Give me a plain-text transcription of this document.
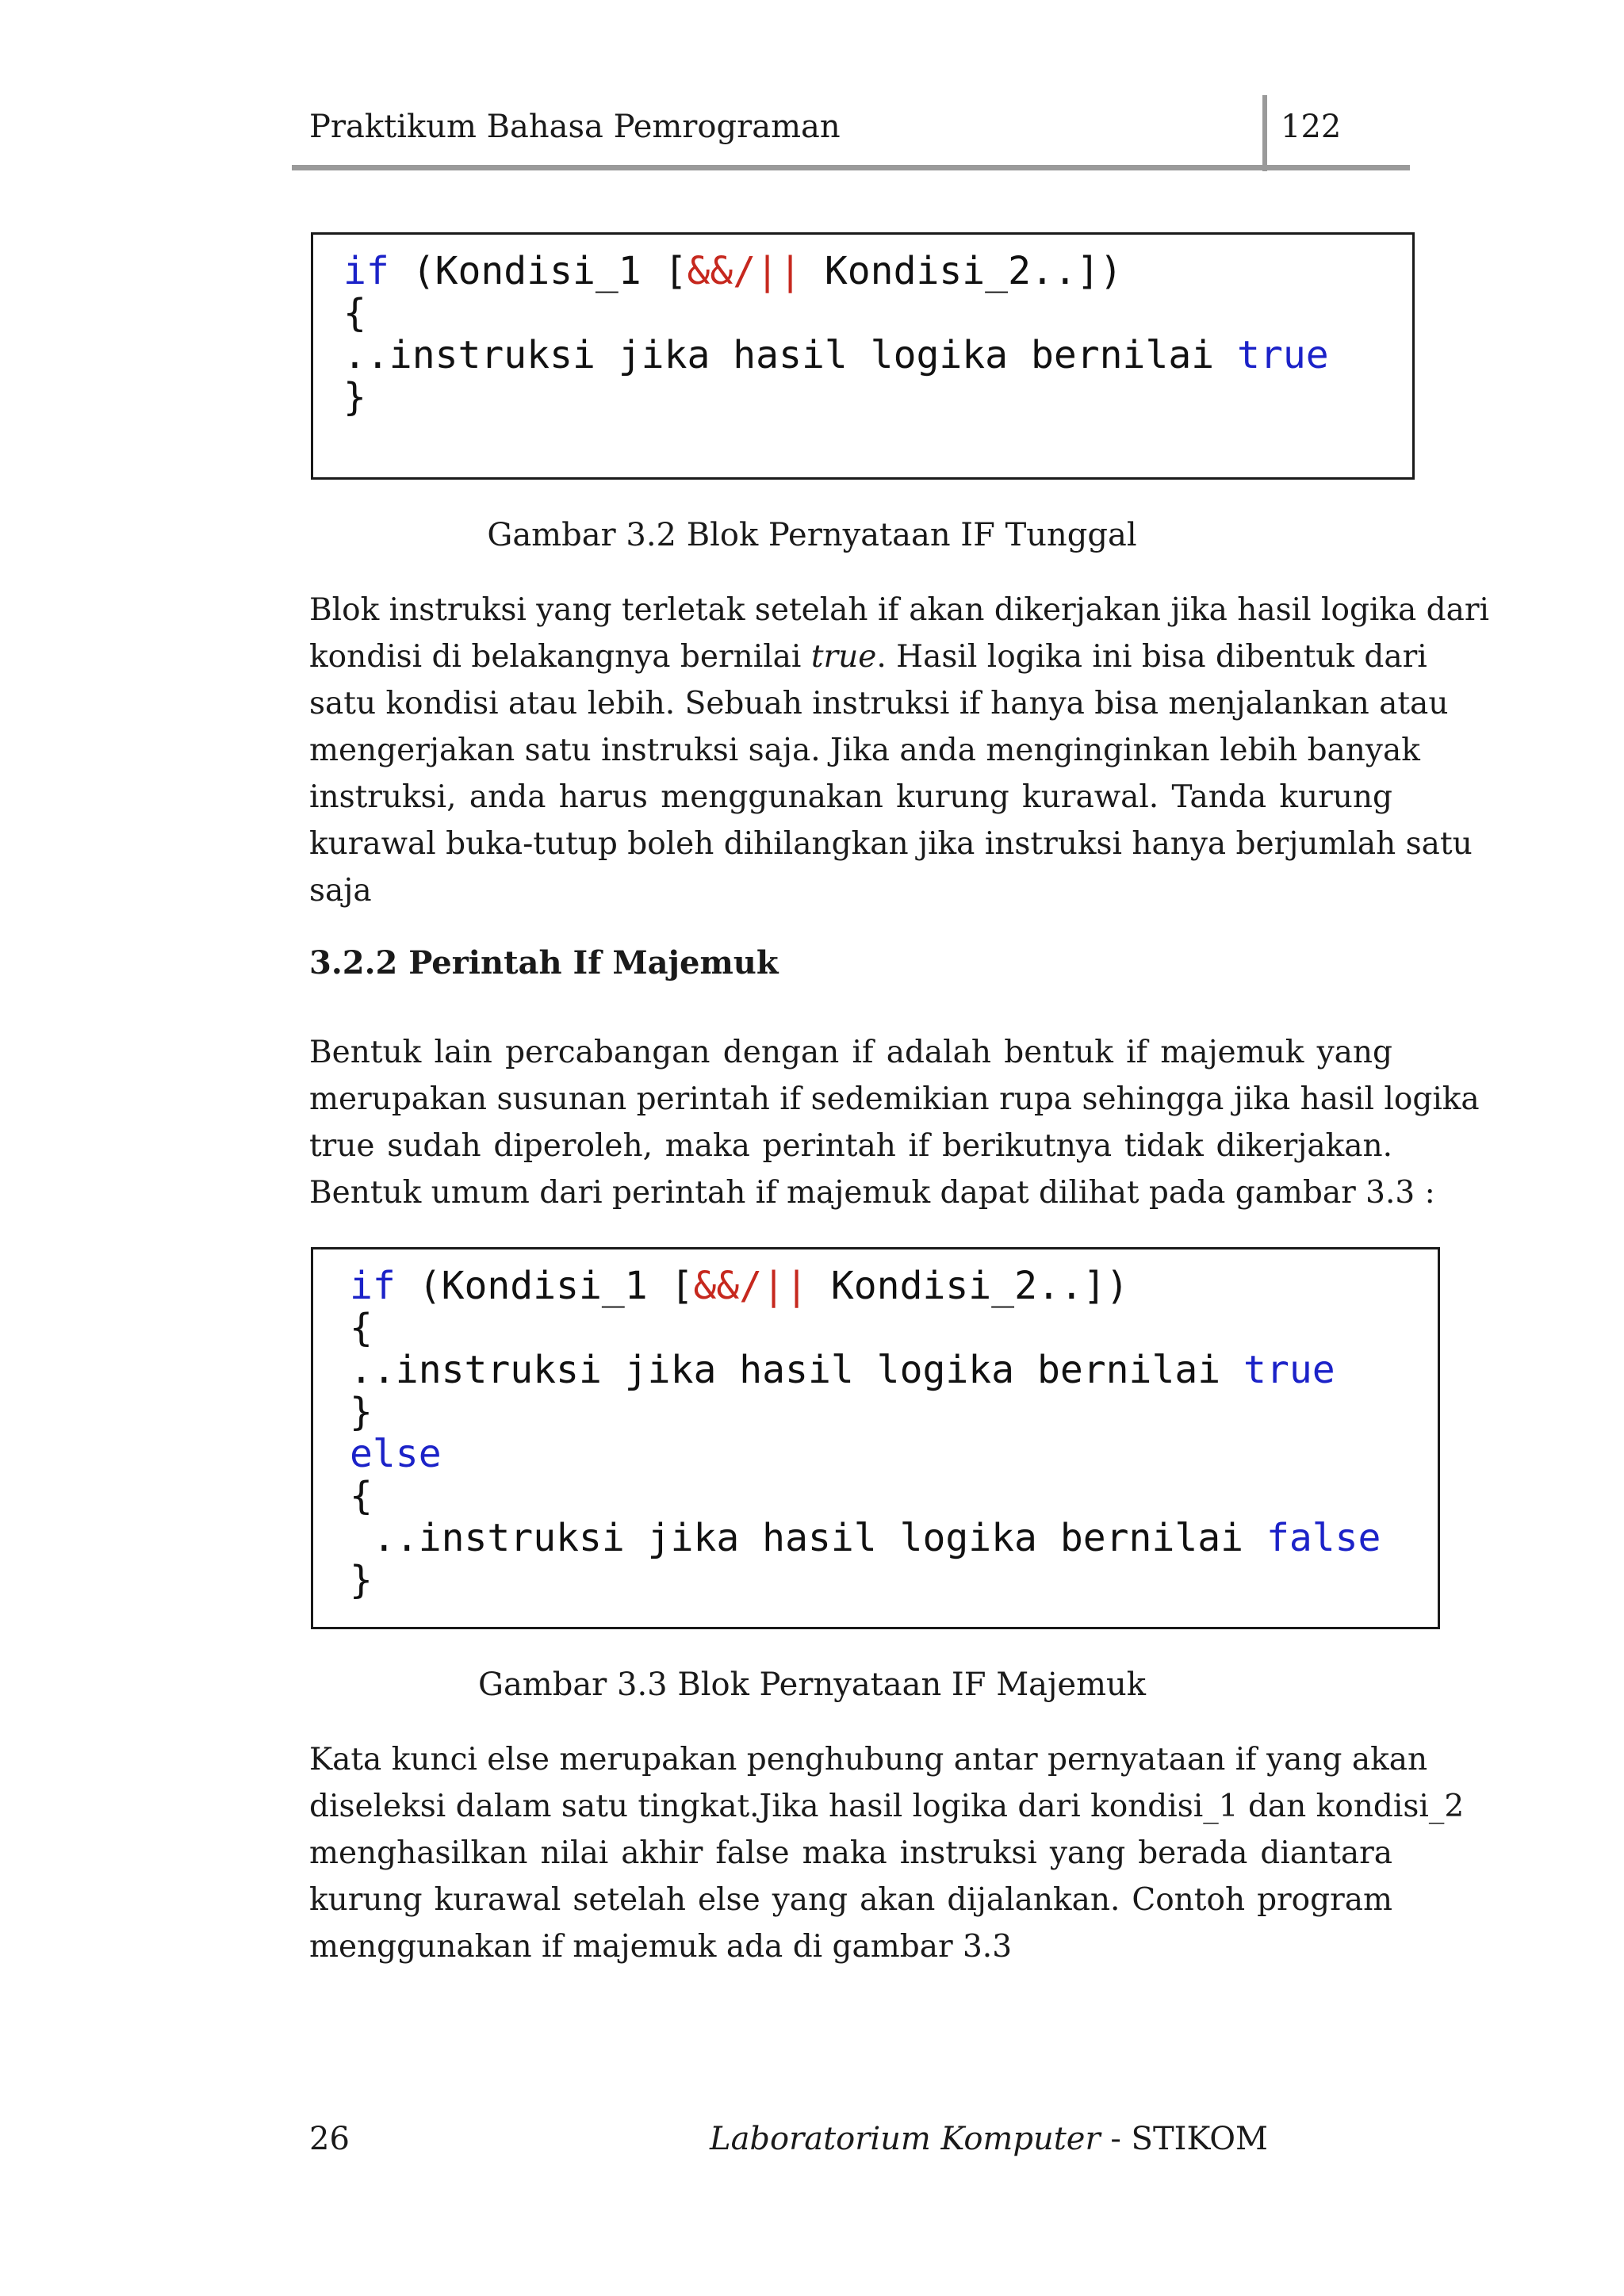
Praktikum Bahasa Pemrograman	122
if (Kondisi_1 [&&/|| Kondisi_2..])
{
..instruksi jika hasil logika bernilai true
}
Gambar 3.2 Blok Pernyataan IF Tunggal
Blok instruksi yang terletak setelah if akan dikerjakan jika hasil logika dari
kondisi di belakangnya bernilai true. Hasil logika ini bisa dibentuk dari
satu kondisi atau lebih. Sebuah instruksi if hanya bisa menjalankan atau
mengerjakan satu instruksi saja. Jika anda menginginkan lebih banyak
instruksi, anda harus menggunakan kurung kurawal. Tanda kurung
kurawal buka-tutup boleh dihilangkan jika instruksi hanya berjumlah satu
saja
3.2.2 Perintah If Majemuk
Bentuk lain percabangan dengan if adalah bentuk if majemuk yang
merupakan susunan perintah if sedemikian rupa sehingga jika hasil logika
true sudah diperoleh, maka perintah if berikutnya tidak dikerjakan.
Bentuk umum dari perintah if majemuk dapat dilihat pada gambar 3.3 :
if (Kondisi_1 [&&/|| Kondisi_2..])
{
..instruksi jika hasil logika bernilai true
}
else
{
..instruksi jika hasil logika bernilai false
}
Gambar 3.3 Blok Pernyataan IF Majemuk
Kata kunci else merupakan penghubung antar pernyataan if yang akan
diseleksi dalam satu tingkat.Jika hasil logika dari kondisi_1 dan kondisi_2
menghasilkan nilai akhir false maka instruksi yang berada diantara
kurung kurawal setelah else yang akan dijalankan. Contoh program
menggunakan if majemuk ada di gambar 3.3
26	Laboratorium Komputer - STIKOM
